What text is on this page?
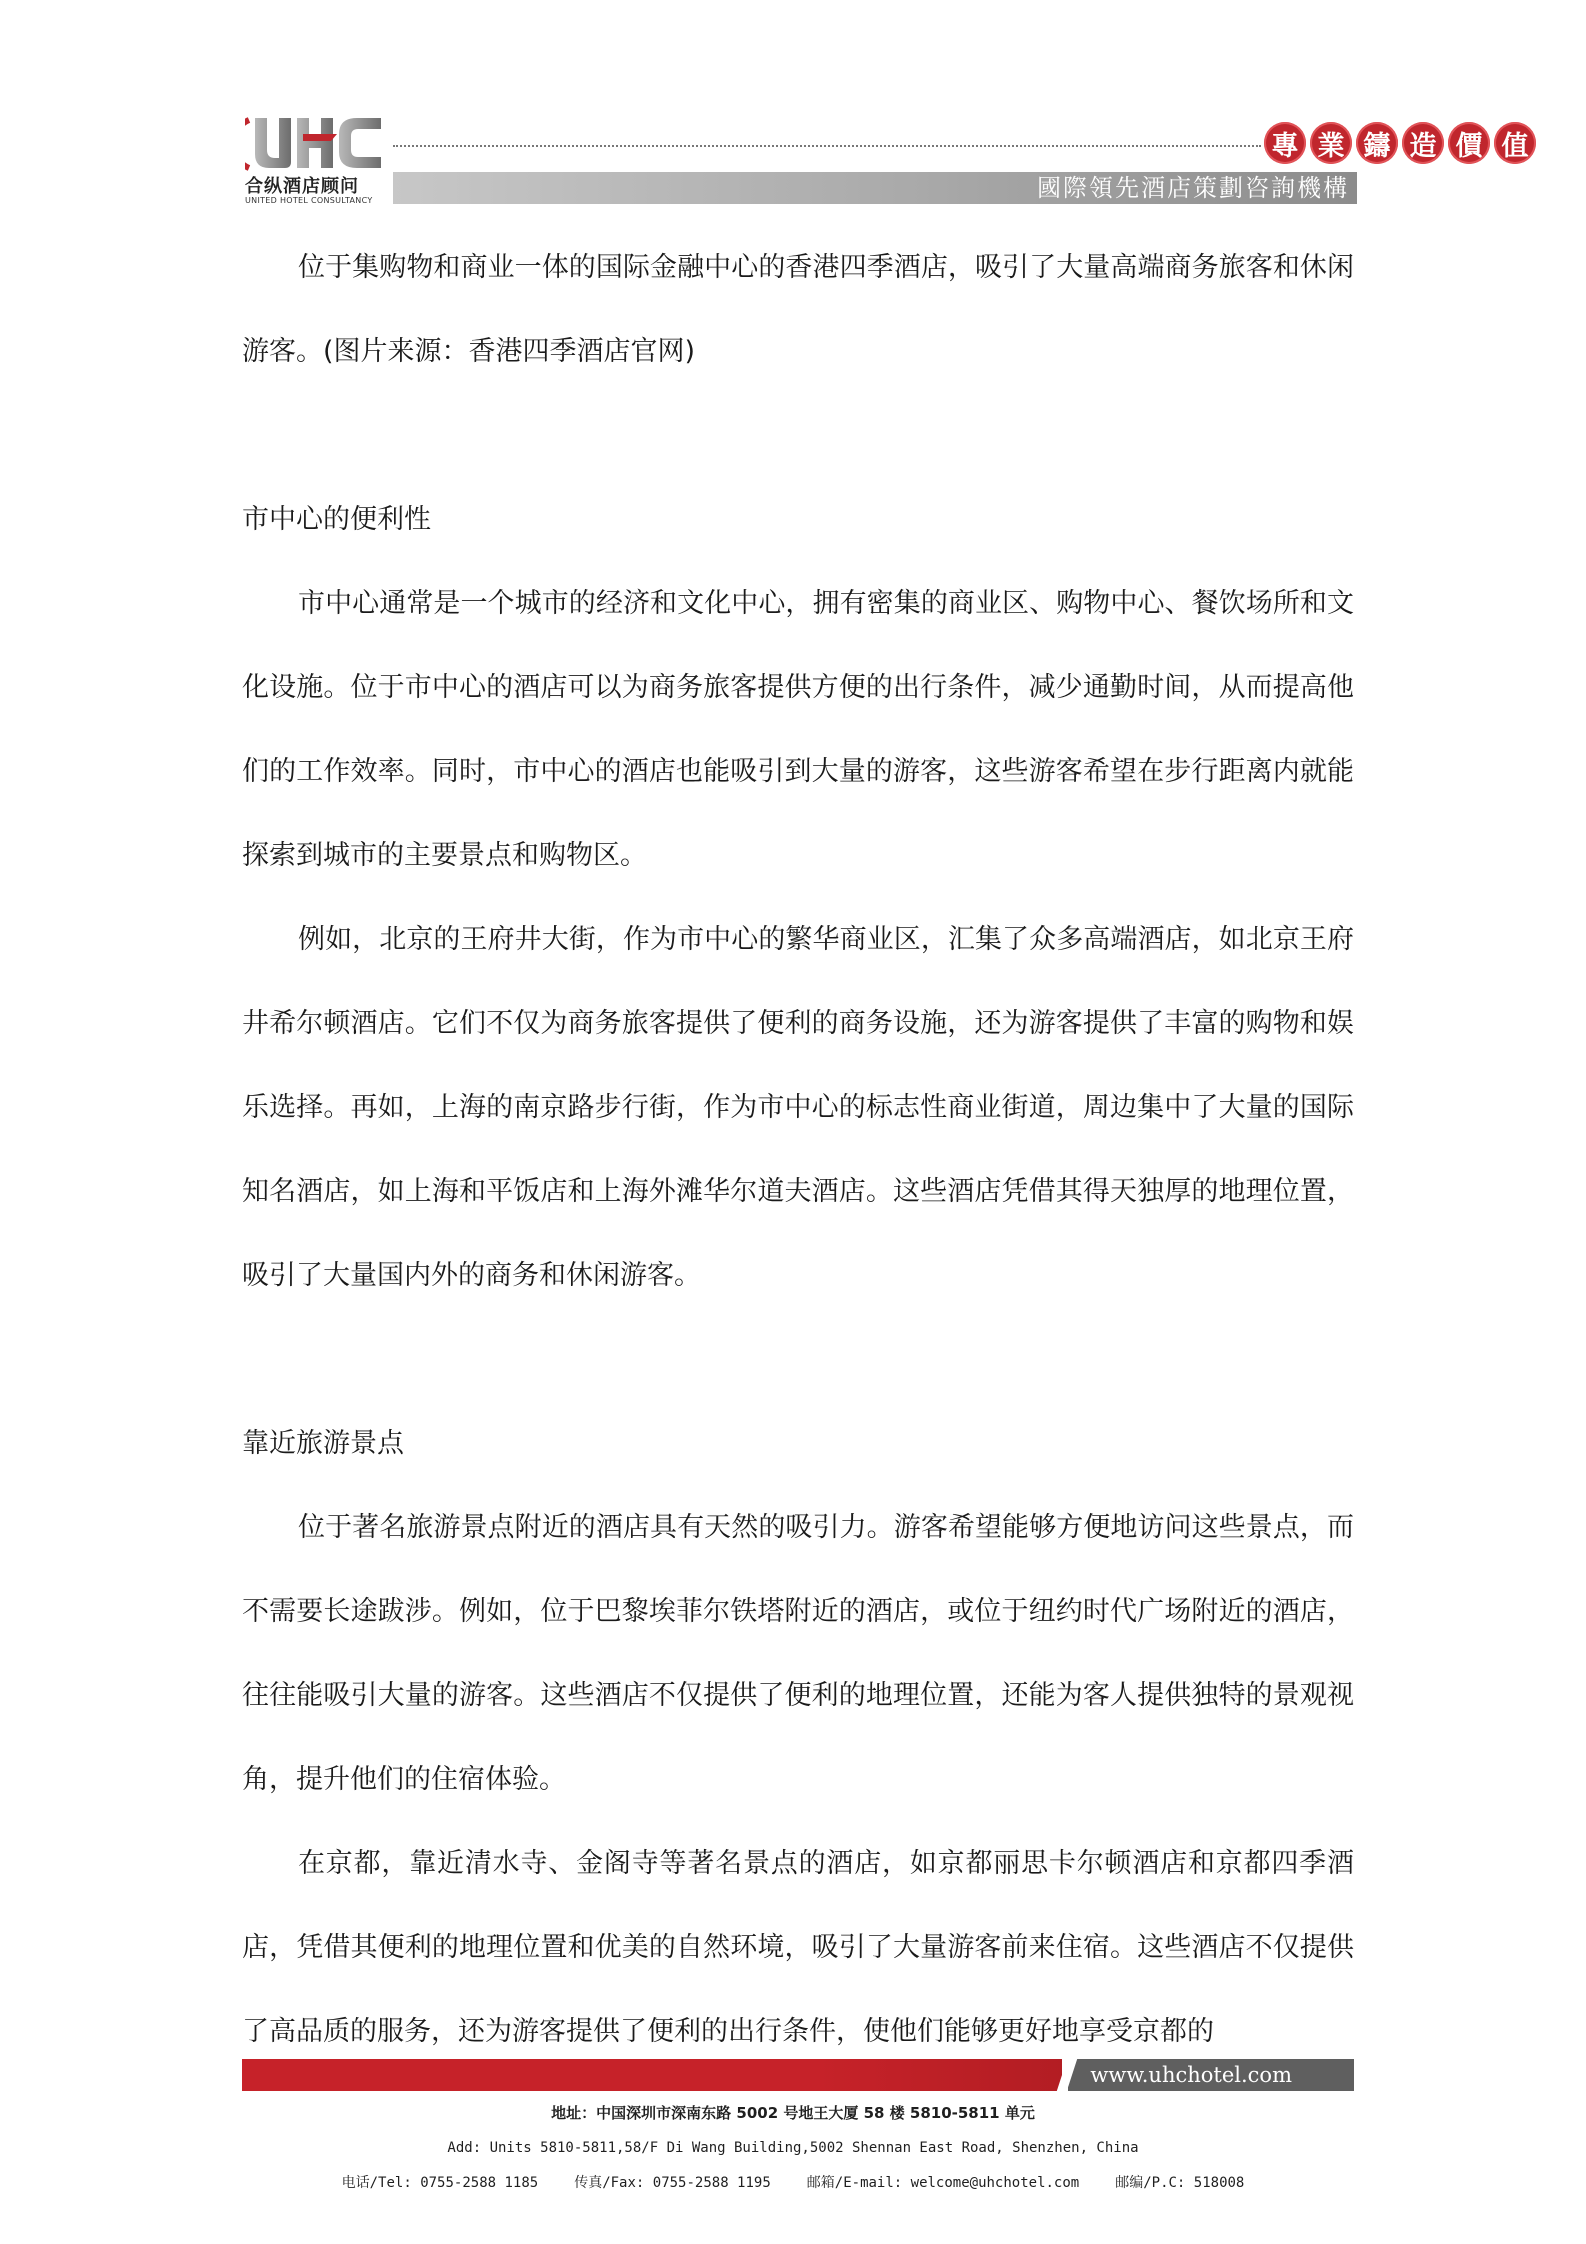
合纵酒店顾问
UNITED HOTEL CONSULTANCY
專 業 鑄 造 價 值
國際領先酒店策劃咨詢機構

位于集购物和商业一体的国际金融中心的香港四季酒店，吸引了大量高端商务旅客和休闲游客。(图片来源：香港四季酒店官网)

市中心的便利性

市中心通常是一个城市的经济和文化中心，拥有密集的商业区、购物中心、餐饮场所和文化设施。位于市中心的酒店可以为商务旅客提供方便的出行条件，减少通勤时间，从而提高他们的工作效率。同时，市中心的酒店也能吸引到大量的游客，这些游客希望在步行距离内就能探索到城市的主要景点和购物区。

例如，北京的王府井大街，作为市中心的繁华商业区，汇集了众多高端酒店，如北京王府井希尔顿酒店。它们不仅为商务旅客提供了便利的商务设施，还为游客提供了丰富的购物和娱乐选择。再如，上海的南京路步行街，作为市中心的标志性商业街道，周边集中了大量的国际知名酒店，如上海和平饭店和上海外滩华尔道夫酒店。这些酒店凭借其得天独厚的地理位置，吸引了大量国内外的商务和休闲游客。

靠近旅游景点

位于著名旅游景点附近的酒店具有天然的吸引力。游客希望能够方便地访问这些景点，而不需要长途跋涉。例如，位于巴黎埃菲尔铁塔附近的酒店，或位于纽约时代广场附近的酒店，往往能吸引大量的游客。这些酒店不仅提供了便利的地理位置，还能为客人提供独特的景观视角，提升他们的住宿体验。

在京都，靠近清水寺、金阁寺等著名景点的酒店，如京都丽思卡尔顿酒店和京都四季酒店，凭借其便利的地理位置和优美的自然环境，吸引了大量游客前来住宿。这些酒店不仅提供了高品质的服务，还为游客提供了便利的出行条件，使他们能够更好地享受京都的

www.uhchotel.com
地址：中国深圳市深南东路 5002 号地王大厦 58 楼 5810-5811 单元
Add: Units 5810-5811,58/F Di Wang Building,5002 Shennan East Road, Shenzhen, China
电话/Tel: 0755-2588 1185	传真/Fax: 0755-2588 1195	邮箱/E-mail: welcome@uhchotel.com	邮编/P.C: 518008
